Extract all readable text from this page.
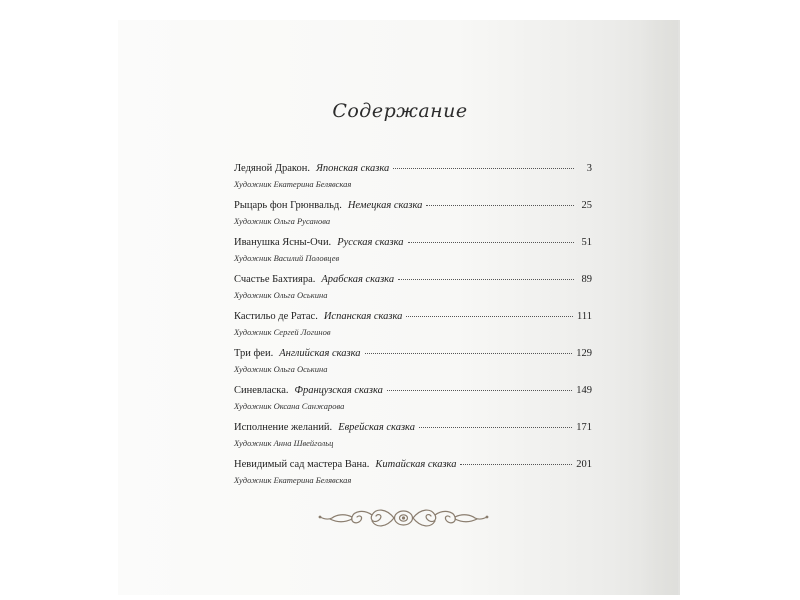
Содержание
Ледяной Дракон. Японская сказка	3
Художник Екатерина Белявская
Рыцарь фон Грюнвальд. Немецкая сказка	25
Художник Ольга Русанова
Иванушка Ясны-Очи. Русская сказка	51
Художник Василий Половцев
Счастье Бахтияра. Арабская сказка	89
Художник Ольга Оськина
Кастильо де Ратас. Испанская сказка	111
Художник Сергей Логинов
Три феи. Английская сказка	129
Художник Ольга Оськина
Синевласка. Французская сказка	149
Художник Оксана Санжарова
Исполнение желаний. Еврейская сказка	171
Художник Анна Швейгольц
Невидимый сад мастера Вана. Китайская сказка	201
Художник Екатерина Белявская
